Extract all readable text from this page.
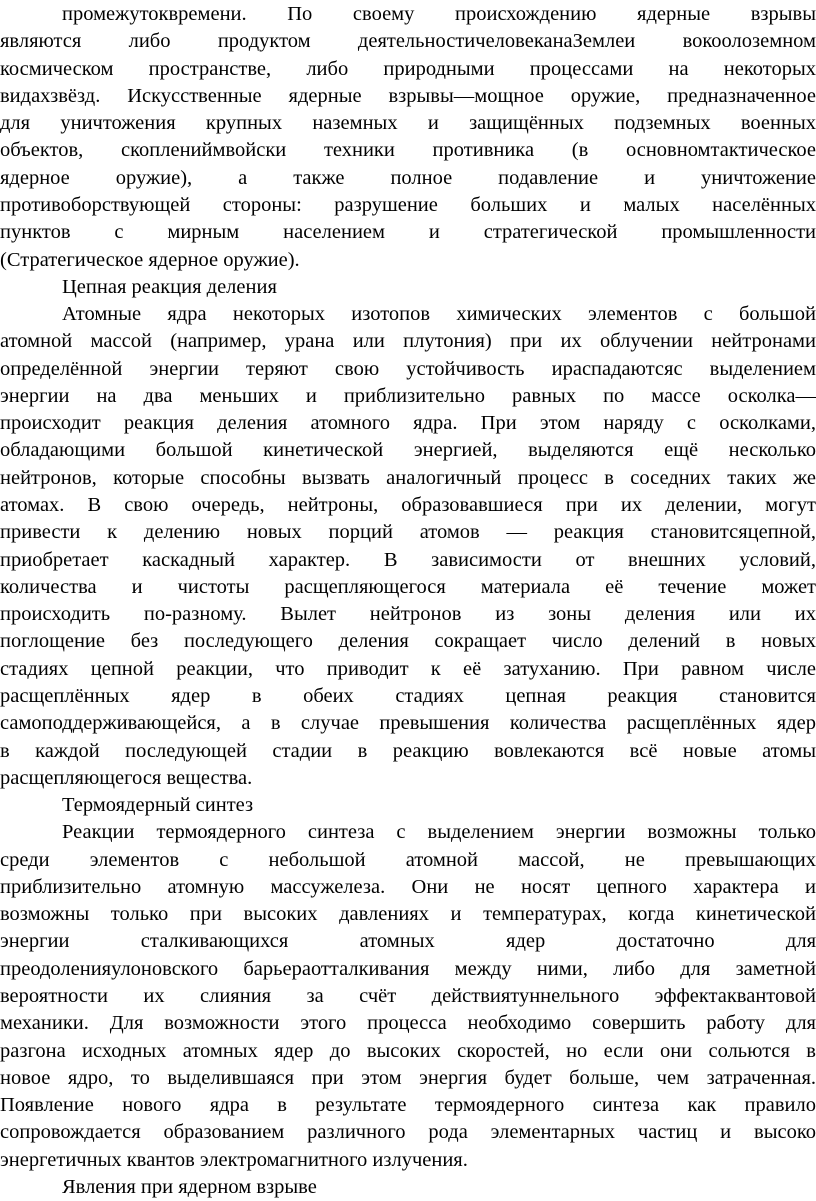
промежутоквремени. По своему происхождению ядерные взрывы
являются либо продуктом деятельностичеловеканаЗемлеи вокоолоземном
космическом пространстве, либо природными процессами на некоторых
видахзвёзд. Искусственные ядерные взрывы—мощное оружие, предназначенное
для уничтожения крупных наземных и защищённых подземных военных
объектов, скоплениймвойски техники противника (в основномтактическое
ядерное оружие), а также полное подавление и уничтожение
противоборствующей стороны: разрушение больших и малых населённых
пунктов с мирным населением и стратегической промышленности
(Стратегическое ядерное оружие).
Цепная реакция деления
Атомные ядра некоторых изотопов химических элементов с большой
атомной массой (например, урана или плутония) при их облучении нейтронами
определённой энергии теряют свою устойчивость ираспадаютсяс выделением
энергии на два меньших и приблизительно равных по массе осколка—
происходит реакция деления атомного ядра. При этом наряду с осколками,
обладающими большой кинетической энергией, выделяются ещё несколько
нейтронов, которые способны вызвать аналогичный процесс в соседних таких же
атомах. В свою очередь, нейтроны, образовавшиеся при их делении, могут
привести к делению новых порций атомов — реакция становитсяцепной,
приобретает каскадный характер. В зависимости от внешних условий,
количества и чистоты расщепляющегося материала её течение может
происходить по-разному. Вылет нейтронов из зоны деления или их
поглощение без последующего деления сокращает число делений в новых
стадиях цепной реакции, что приводит к её затуханию. При равном числе
расщеплённых ядер в обеих стадиях цепная реакция становится
самоподдерживающейся, а в случае превышения количества расщеплённых ядер
в каждой последующей стадии в реакцию вовлекаются всё новые атомы
расщепляющегося вещества.
Термоядерный синтез
Реакции термоядерного синтеза с выделением энергии возможны только
среди элементов с небольшой атомной массой, не превышающих
приблизительно атомную массужелеза. Они не носят цепного характера и
возможны только при высоких давлениях и температурах, когда кинетической
энергии сталкивающихся атомных ядер достаточно для
преодоленияулоновского барьераотталкивания между ними, либо для заметной
вероятности их слияния за счёт действиятуннельного эффектаквантовой
механики. Для возможности этого процесса необходимо совершить работу для
разгона исходных атомных ядер до высоких скоростей, но если они сольются в
новое ядро, то выделившаяся при этом энергия будет больше, чем затраченная.
Появление нового ядра в результате термоядерного синтеза как правило
сопровождается образованием различного рода элементарных частиц и высоко
энергетичных квантов электромагнитного излучения.
Явления при ядерном взрыве
